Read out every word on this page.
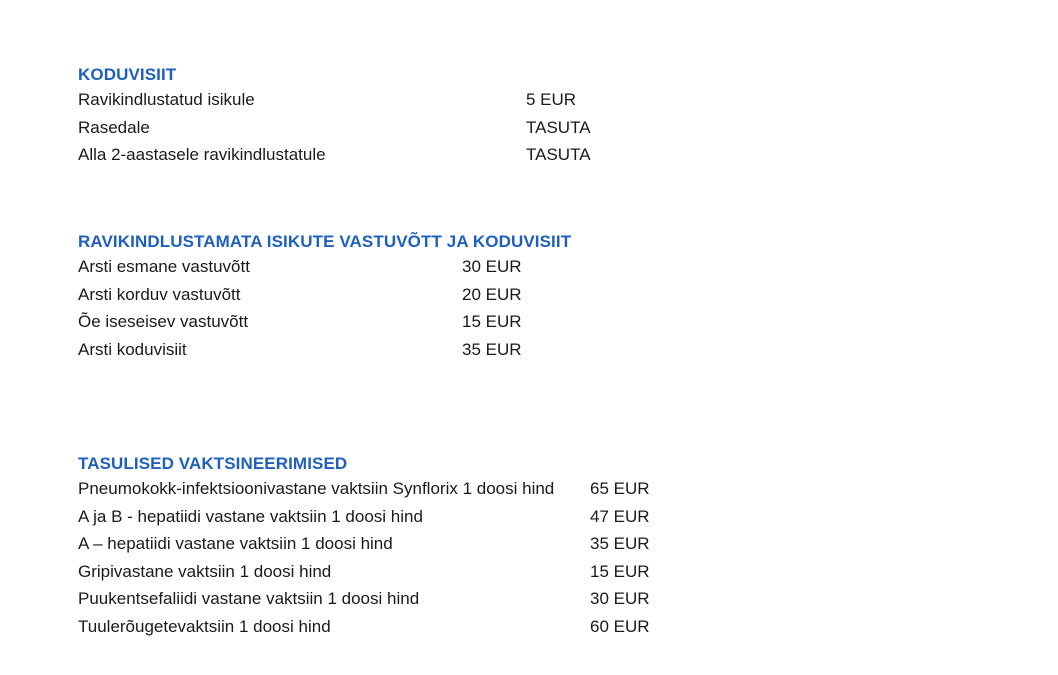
KODUVISIIT
Ravikindlustatud isikule	5 EUR
Rasedale	TASUTA
Alla 2-aastasele ravikindlustatule	TASUTA
RAVIKINDLUSTAMATA ISIKUTE VASTUVÕTT JA KODUVISIIT
Arsti esmane vastuvõtt	30 EUR
Arsti korduv vastuvõtt	20 EUR
Õe iseseisev vastuvõtt	15 EUR
Arsti koduvisiit	35 EUR
TASULISED VAKTSINEERIMISED
Pneumokokk-infektsioonivastane vaktsiin Synflorix 1 doosi hind 65 EUR
A ja B - hepatiidi vastane vaktsiin 1 doosi hind	47 EUR
A – hepatiidi vastane vaktsiin 1 doosi hind	35 EUR
Gripivastane vaktsiin 1 doosi hind	15 EUR
Puukentsefaliidi vastane vaktsiin 1 doosi hind	30 EUR
Tuulerõugetevaktsiin 1 doosi hind	60 EUR
